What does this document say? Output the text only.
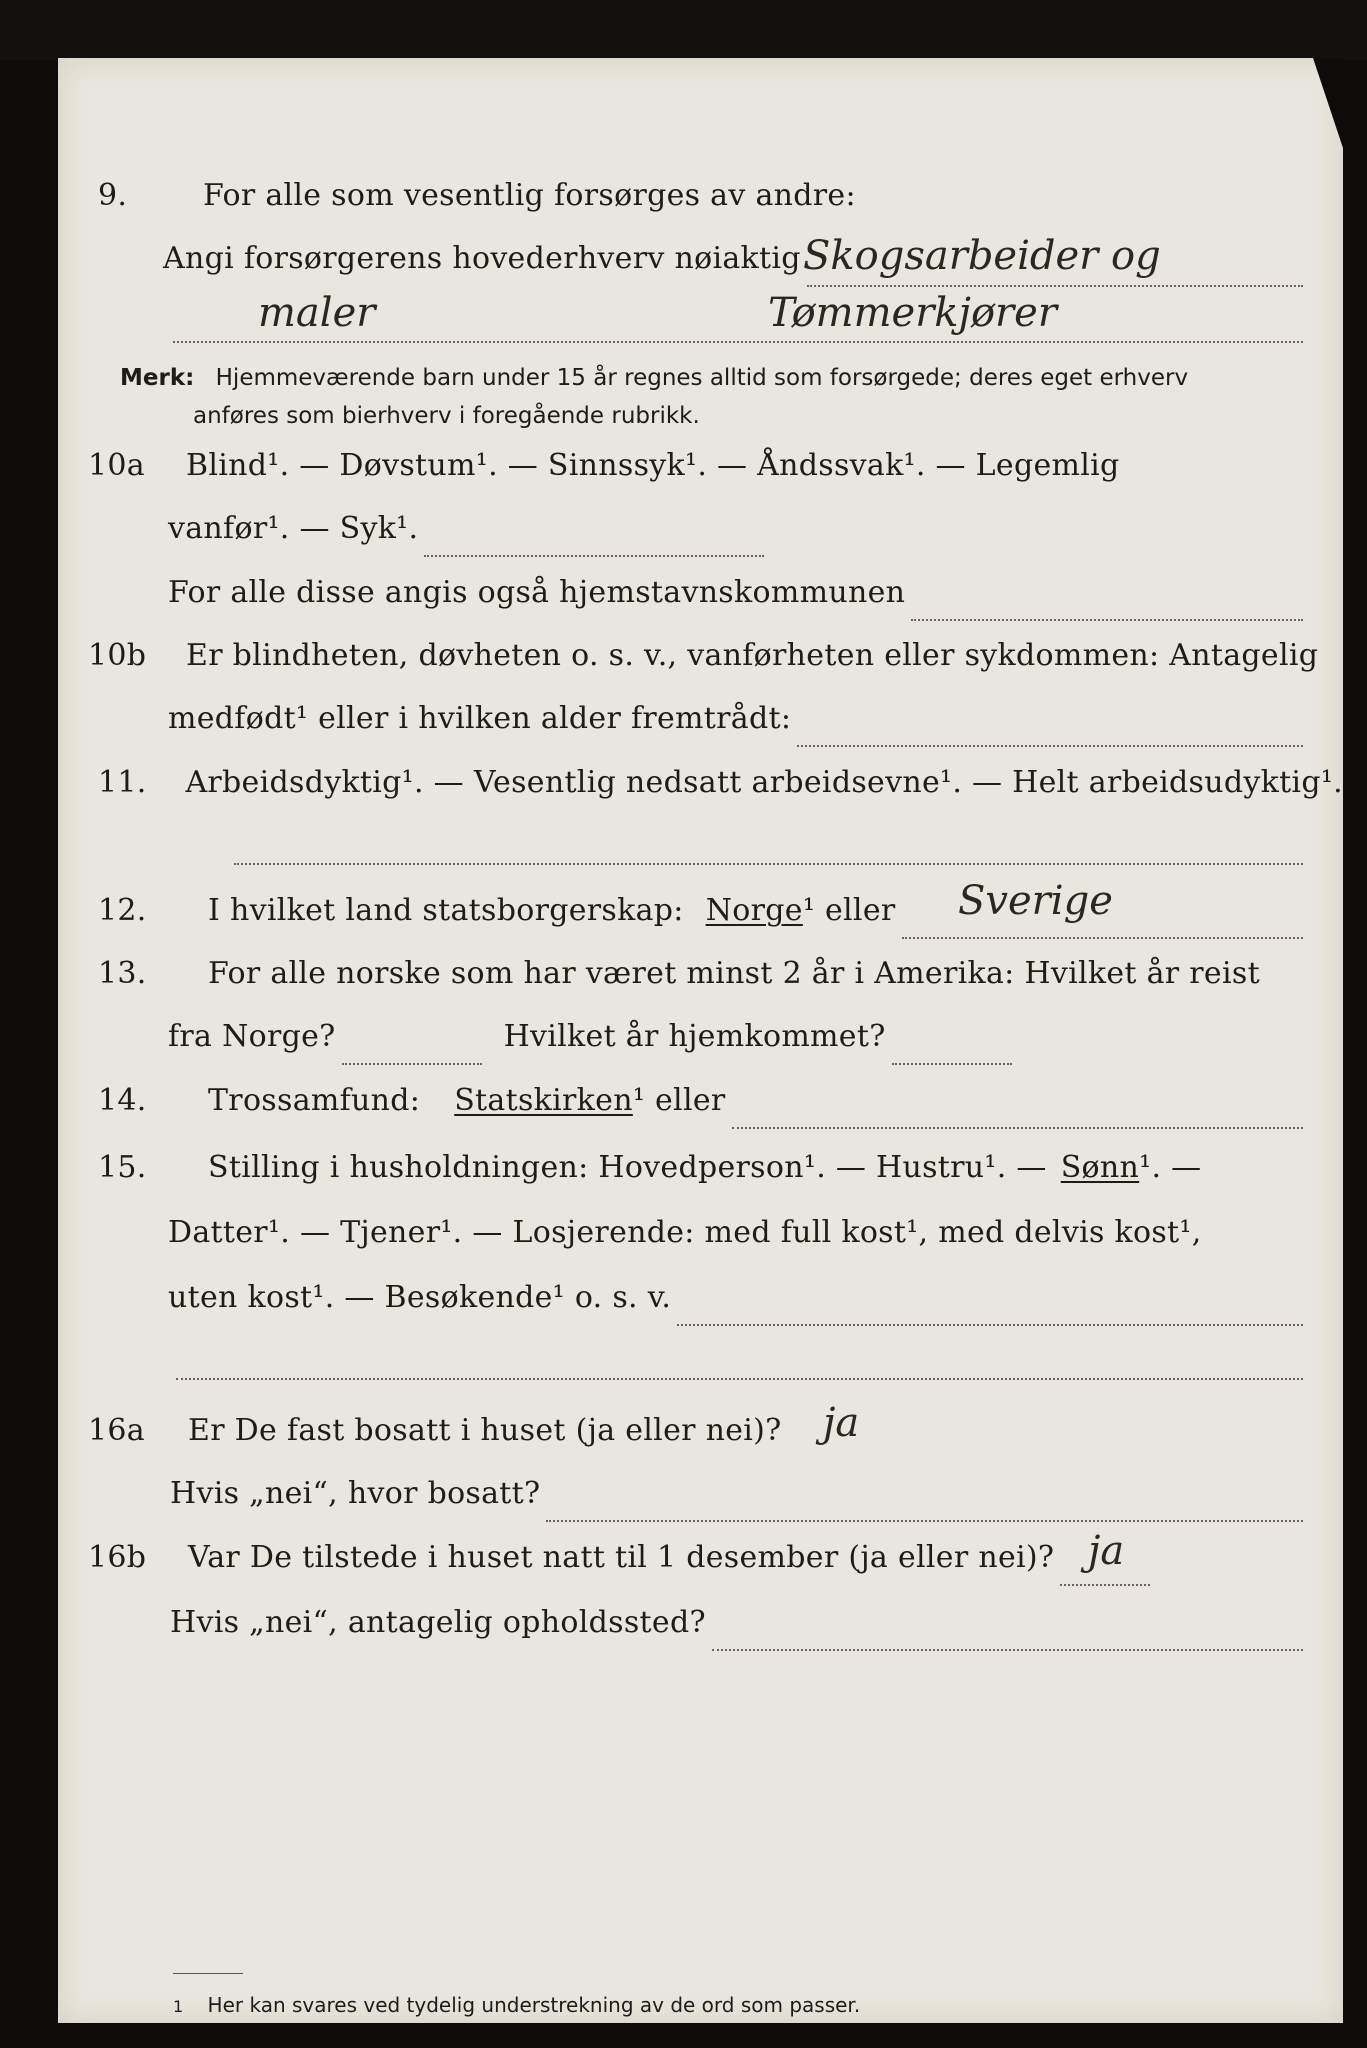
9.	For alle som vesentlig forsørges av andre:
Angi forsørgerens hovederhverv nøiaktig Skogsarbeider og
maler	Tømmerkjører
Merk: Hjemmeværende barn under 15 år regnes alltid som forsørgede; deres eget erhverv
anføres som bierhverv i foregående rubrikk.
10a	Blind¹. — Døvstum¹. — Sinnssyk¹. — Åndssvak¹. — Legemlig
vanfør¹. — Syk¹.
For alle disse angis også hjemstavnskommunen
10b	Er blindheten, døvheten o. s. v., vanførheten eller sykdommen: Antagelig
medfødt¹ eller i hvilken alder fremtrådt:
11.	Arbeidsdyktig¹. — Vesentlig nedsatt arbeidsevne¹. — Helt arbeidsudyktig¹.
12.	I hvilket land statsborgerskap: Norge ¹ eller Sverige
13.	For alle norske som har været minst 2 år i Amerika: Hvilket år reist
fra Norge?	Hvilket år hjemkommet?
14.	Trossamfund: Statskirken ¹ eller
15.	Stilling i husholdningen: Hovedperson¹. — Hustru¹. — Sønn ¹. —
Datter¹. — Tjener¹. — Losjerende: med full kost¹, med delvis kost¹,
uten kost¹. — Besøkende¹ o. s. v.
16a	Er De fast bosatt i huset (ja eller nei)? ja
Hvis „nei“, hvor bosatt?
16b	Var De tilstede i huset natt til 1 desember (ja eller nei)? ja
Hvis „nei“, antagelig opholdssted?
1 Her kan svares ved tydelig understrekning av de ord som passer.
